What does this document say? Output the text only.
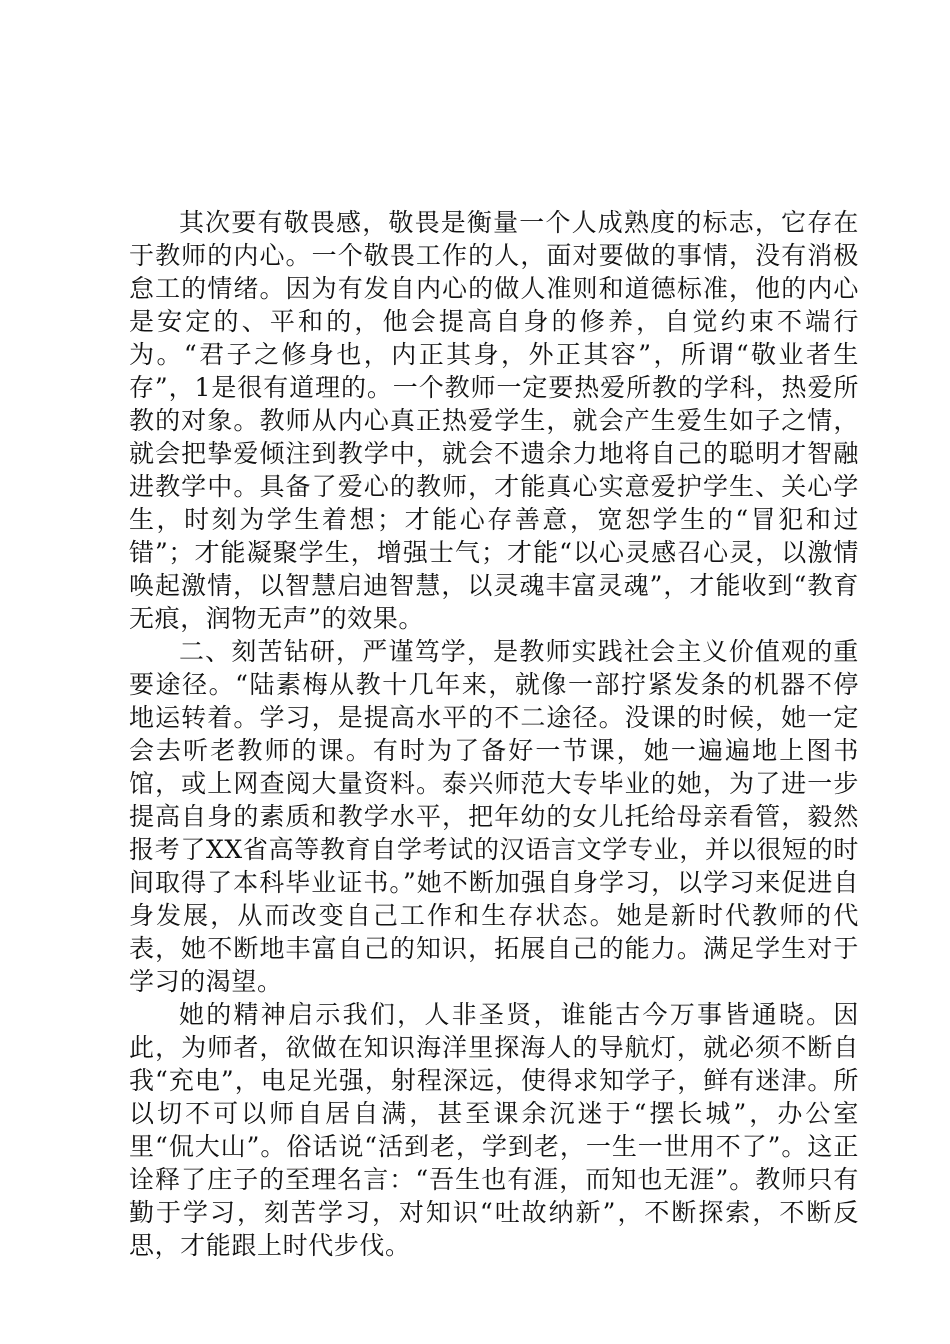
其次要有敬畏感，敬畏是衡量一个人成熟度的标志，它存在于教师的内心。一个敬畏工作的人，面对要做的事情，没有消极怠工的情绪。因为有发自内心的做人准则和道德标准，他的内心是安定的、平和的，他会提高自身的修养，自觉约束不端行为。“君子之修身也，内正其身，外正其容”，所谓“敬业者生存”，1是很有道理的。一个教师一定要热爱所教的学科，热爱所教的对象。教师从内心真正热爱学生，就会产生爱生如子之情，就会把挚爱倾注到教学中，就会不遗余力地将自己的聪明才智融进教学中。具备了爱心的教师，才能真心实意爱护学生、关心学生，时刻为学生着想；才能心存善意，宽恕学生的“冒犯和过错”；才能凝聚学生，增强士气；才能“以心灵感召心灵，以激情唤起激情，以智慧启迪智慧，以灵魂丰富灵魂”，才能收到“教育无痕，润物无声”的效果。

二、刻苦钻研，严谨笃学，是教师实践社会主义价值观的重要途径。“陆素梅从教十几年来，就像一部拧紧发条的机器不停地运转着。学习，是提高水平的不二途径。没课的时候，她一定会去听老教师的课。有时为了备好一节课，她一遍遍地上图书馆，或上网查阅大量资料。泰兴师范大专毕业的她，为了进一步提高自身的素质和教学水平，把年幼的女儿托给母亲看管，毅然报考了XX省高等教育自学考试的汉语言文学专业，并以很短的时间取得了本科毕业证书。”她不断加强自身学习，以学习来促进自身发展，从而改变自己工作和生存状态。她是新时代教师的代表，她不断地丰富自己的知识，拓展自己的能力。满足学生对于学习的渴望。

她的精神启示我们，人非圣贤，谁能古今万事皆通晓。因此，为师者，欲做在知识海洋里探海人的导航灯，就必须不断自我“充电”，电足光强，射程深远，使得求知学子，鲜有迷津。所以切不可以师自居自满，甚至课余沉迷于“摆长城”，办公室里“侃大山”。俗话说“活到老，学到老，一生一世用不了”。这正诠释了庄子的至理名言：“吾生也有涯，而知也无涯”。教师只有勤于学习，刻苦学习，对知识“吐故纳新”，不断探索，不断反思，才能跟上时代步伐。
